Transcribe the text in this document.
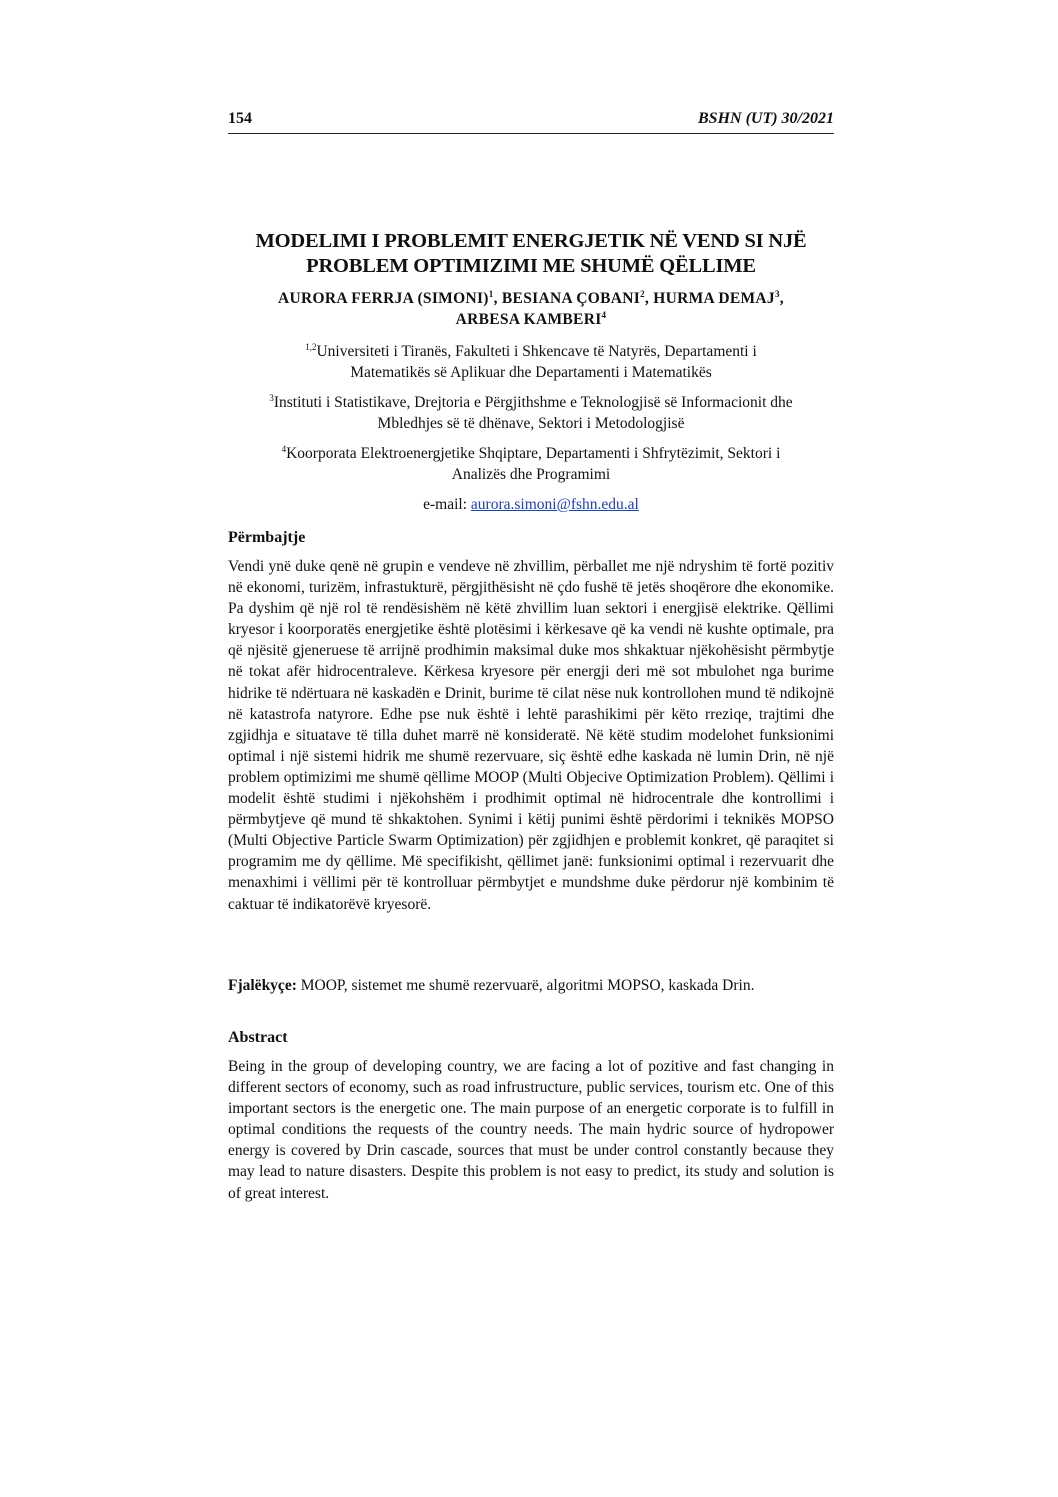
154	BSHN (UT) 30/2021
MODELIMI I PROBLEMIT ENERGJETIK NË VEND SI NJË
PROBLEM OPTIMIZIMI ME SHUMË QËLLIME
AURORA FERRJA (SIMONI)$^1$, BESIANA ÇOBANI$^2$, HURMA DEMAJ$^3$,
ARBESA KAMBERI$^4$
$^{1,2}$Universiteti i Tiranës, Fakulteti i Shkencave të Natyrës, Departamenti i
Matematikës së Aplikuar dhe Departamenti i Matematikës
$^3$Instituti i Statistikave, Drejtoria e Përgjithshme e Teknologjisë së Informacionit dhe
Mbledhjes së të dhënave, Sektori i Metodologjisë
$^4$Koorporata Elektroenergjetike Shqiptare, Departamenti i Shfrytëzimit, Sektori i
Analizës dhe Programimi
e-mail: aurora.simoni@fshn.edu.al
Përmbajtje
Vendi ynë duke qenë në grupin e vendeve në zhvillim, përballet me një ndryshim të fortë pozitiv në ekonomi, turizëm, infrastukturë, përgjithësisht në çdo fushë të jetës shoqërore dhe ekonomike. Pa dyshim që një rol të rendësishëm në këtë zhvillim luan sektori i energjisë elektrike. Qëllimi kryesor i koorporatës energjetike është plotësimi i kërkesave që ka vendi në kushte optimale, pra që njësitë gjeneruese të arrijnë prodhimin maksimal duke mos shkaktuar njëkohësisht përmbytje në tokat afër hidrocentraleve. Kërkesa kryesore për energji deri më sot mbulohet nga burime hidrike të ndërtuara në kaskadën e Drinit, burime të cilat nëse nuk kontrollohen mund të ndikojnë në katastrofa natyrore. Edhe pse nuk është i lehtë parashikimi për këto rreziqe, trajtimi dhe zgjidhja e situatave të tilla duhet marrë në konsideratë. Në këtë studim modelohet funksionimi optimal i një sistemi hidrik me shumë rezervuare, siç është edhe kaskada në lumin Drin, në një problem optimizimi me shumë qëllime MOOP (Multi Objecive Optimization Problem). Qëllimi i modelit është studimi i njëkohshëm i prodhimit optimal në hidrocentrale dhe kontrollimi i përmbytjeve që mund të shkaktohen. Synimi i këtij punimi është përdorimi i teknikës MOPSO (Multi Objective Particle Swarm Optimization) për zgjidhjen e problemit konkret, që paraqitet si programim me dy qëllime. Më specifikisht, qëllimet janë: funksionimi optimal i rezervuarit dhe menaxhimi i vëllimi për të kontrolluar përmbytjet e mundshme duke përdorur një kombinim të caktuar të indikatorëvë kryesorë.
Fjalëkyçe: MOOP, sistemet me shumë rezervuarë, algoritmi MOPSO, kaskada Drin.
Abstract
Being in the group of developing country, we are facing a lot of pozitive and fast changing in different sectors of economy, such as road infrustructure, public services, tourism etc. One of this important sectors is the energetic one. The main purpose of an energetic corporate is to fulfill in optimal conditions the requests of the country needs. The main hydric source of hydropower energy is covered by Drin cascade, sources that must be under control constantly because they may lead to nature disasters. Despite this problem is not easy to predict, its study and solution is of great interest.
